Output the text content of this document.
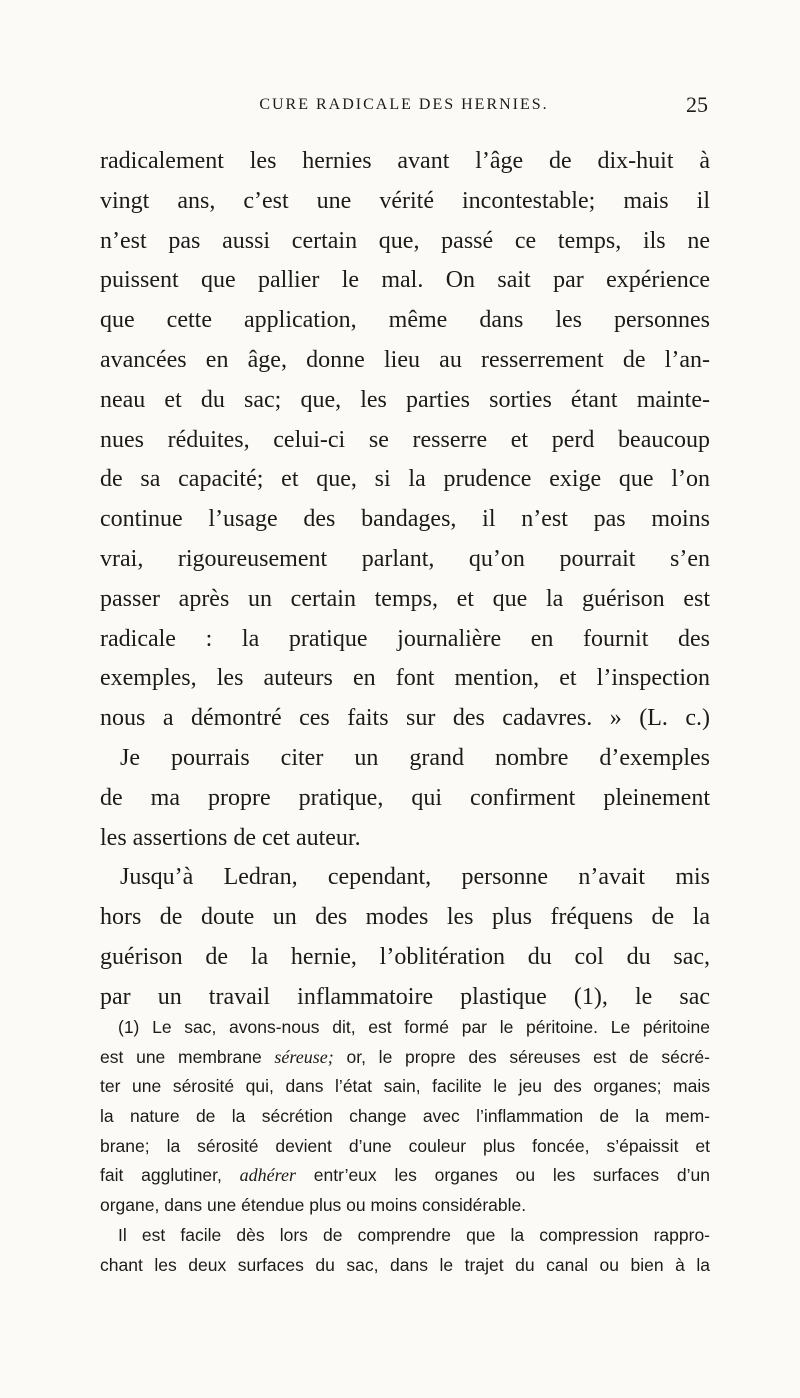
CURE RADICALE DES HERNIES.	25
radicalement les hernies avant l’âge de dix-huit à
vingt ans, c’est une vérité incontestable; mais il
n’est pas aussi certain que, passé ce temps, ils ne
puissent que pallier le mal. On sait par expérience
que cette application, même dans les personnes
avancées en âge, donne lieu au resserrement de l’an-
neau et du sac; que, les parties sorties étant mainte-
nues réduites, celui-ci se resserre et perd beaucoup
de sa capacité; et que, si la prudence exige que l’on
continue l’usage des bandages, il n’est pas moins
vrai, rigoureusement parlant, qu’on pourrait s’en
passer après un certain temps, et que la guérison est
radicale : la pratique journalière en fournit des
exemples, les auteurs en font mention, et l’inspection
nous a démontré ces faits sur des cadavres. » (L. c.)
Je pourrais citer un grand nombre d’exemples
de ma propre pratique, qui confirment pleinement
les assertions de cet auteur.
Jusqu’à Ledran, cependant, personne n’avait mis
hors de doute un des modes les plus fréquens de la
guérison de la hernie, l’oblitération du col du sac,
par un travail inflammatoire plastique (1), le sac
(1) Le sac, avons-nous dit, est formé par le péritoine. Le péritoine
est une membrane séreuse; or, le propre des séreuses est de sécré-
ter une sérosité qui, dans l’état sain, facilite le jeu des organes; mais
la nature de la sécrétion change avec l’inflammation de la mem-
brane; la sérosité devient d’une couleur plus foncée, s’épaissit et
fait agglutiner, adhérer entr’eux les organes ou les surfaces d’un
organe, dans une étendue plus ou moins considérable.
Il est facile dès lors de comprendre que la compression rappro-
chant les deux surfaces du sac, dans le trajet du canal ou bien à la
